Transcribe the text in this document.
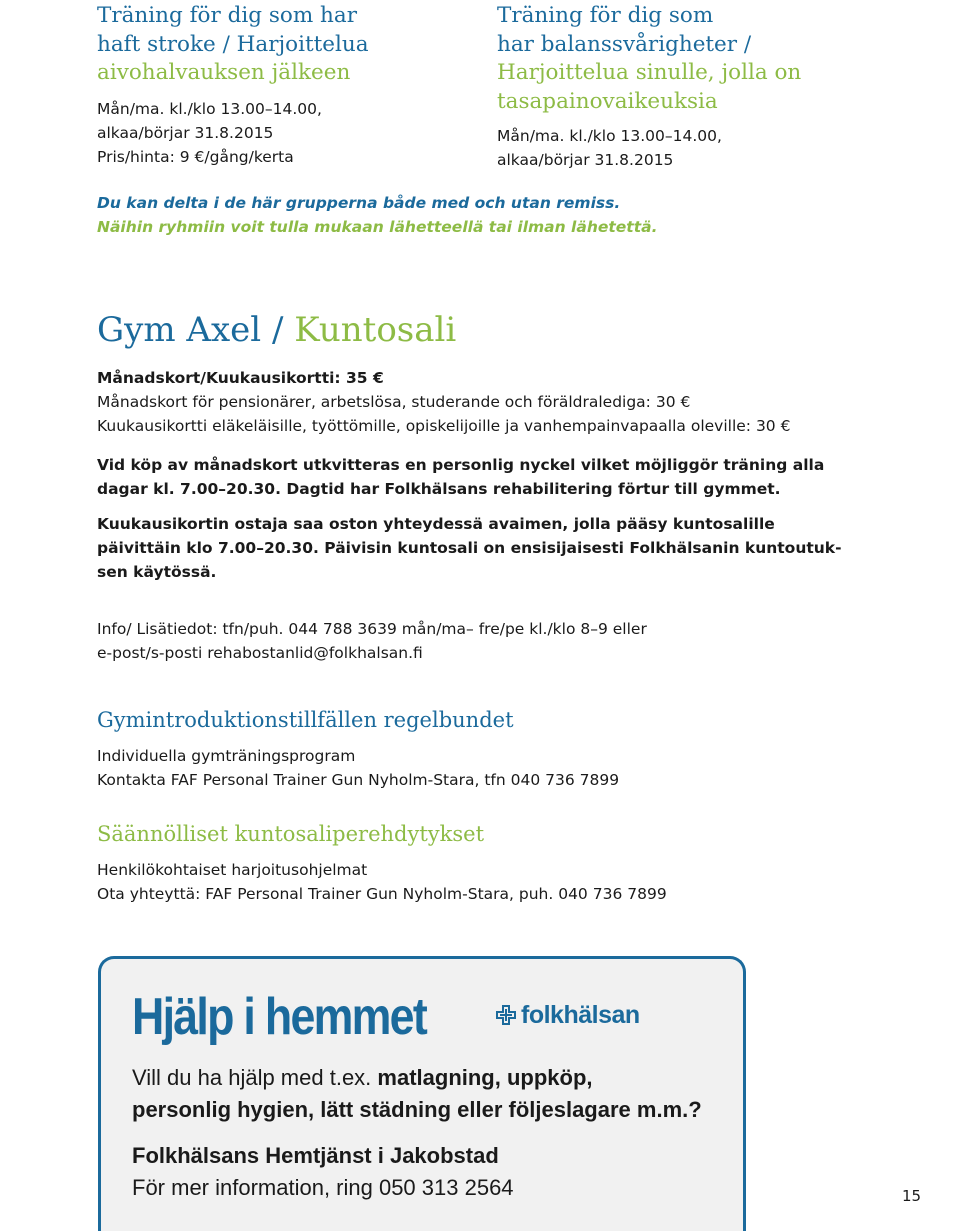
Träning för dig som har
haft stroke / Harjoittelua
aivohalvauksen jälkeen
Mån/ma. kl./klo 13.00–14.00,
alkaa/börjar 31.8.2015
Pris/hinta: 9 €/gång/kerta
Träning för dig som
har balanssvårigheter /
Harjoittelua sinulle, jolla on
tasapainovaikeuksia
Mån/ma. kl./klo 13.00–14.00,
alkaa/börjar 31.8.2015
Du kan delta i de här grupperna både med och utan remiss.
Näihin ryhmiin voit tulla mukaan lähetteellä tai ilman lähetettä.
Gym Axel / Kuntosali
Månadskort/Kuukausikortti: 35 €
Månadskort för pensionärer, arbetslösa, studerande och föräldralediga: 30 €
Kuukausikortti eläkeläisille, työttömille, opiskelijoille ja vanhempainvapaalla oleville: 30 €
Vid köp av månadskort utkvitteras en personlig nyckel vilket möjliggör träning alla
dagar kl. 7.00–20.30. Dagtid har Folkhälsans rehabilitering förtur till gymmet.
Kuukausikortin ostaja saa oston yhteydessä avaimen, jolla pääsy kuntosalille
päivittäin klo 7.00–20.30. Päivisin kuntosali on ensisijaisesti Folkhälsanin kuntoutuk-
sen käytössä.
Info/ Lisätiedot: tfn/puh. 044 788 3639 mån/ma– fre/pe kl./klo 8–9 eller
e-post/s-posti rehabostanlid@folkhalsan.fi
Gymintroduktionstillfällen regelbundet
Individuella gymträningsprogram
Kontakta FAF Personal Trainer Gun Nyholm-Stara, tfn 040 736 7899
Säännölliset kuntosaliperehdytykset
Henkilökohtaiset harjoitusohjelmat
Ota yhteyttä: FAF Personal Trainer Gun Nyholm-Stara, puh. 040 736 7899
Hjälp i hemmet	folkhälsan
Vill du ha hjälp med t.ex. matlagning, uppköp,
personlig hygien, lätt städning eller följeslagare m.m.?
Folkhälsans Hemtjänst i Jakobstad
För mer information, ring 050 313 2564	15
